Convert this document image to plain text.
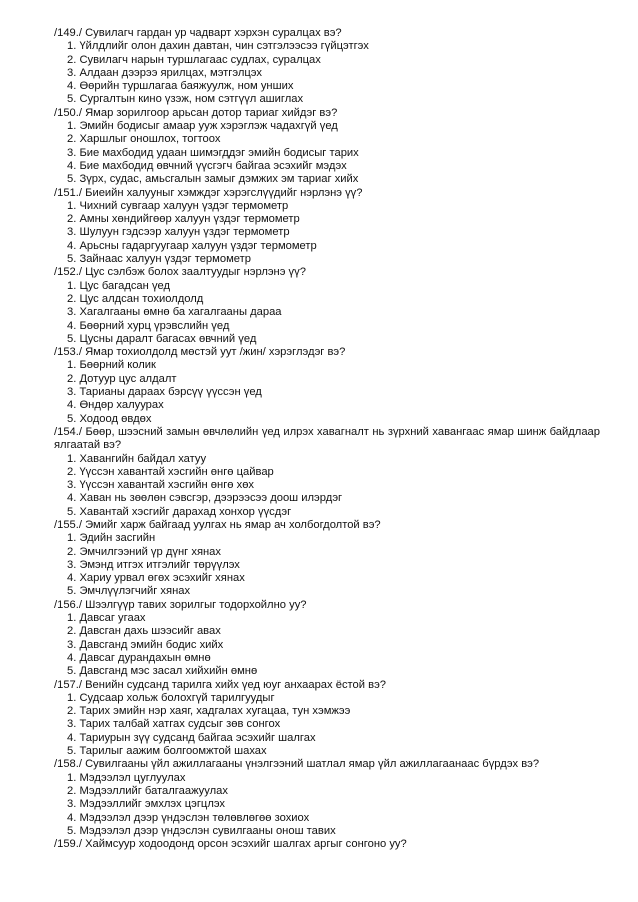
/149./ Сувилагч гардан ур чадварт хэрхэн суралцах вэ?
1. Үйлдлийг олон дахин давтан, чин сэтгэлээсээ гүйцэтгэх
2. Сувилагч нарын туршлагаас судлах, суралцах
3. Алдаан дээрээ ярилцах, мэтгэлцэх
4. Өөрийн туршлагаа баяжуулж, ном унших
5. Сургалтын кино үзэж, ном сэтгүүл ашиглах
/150./ Ямар зорилгоор арьсан дотор тариаг хийдэг вэ?
1. Эмийн бодисыг амаар ууж хэрэглэж чадахгүй үед
2. Харшлыг оношлох, тогтоох
3. Бие махбодид удаан шимэгддэг эмийн бодисыг тарих
4. Бие махбодид өвчний үүсгэгч байгаа эсэхийг мэдэх
5. Зүрх, судас, амьсгалын замыг дэмжих эм тариаг хийх
/151./ Биеийн халууныг хэмждэг хэрэгслүүдийг нэрлэнэ үү?
1. Чихний сувгаар халуун үздэг термометр
2. Амны хөндийгөөр халуун үздэг термометр
3. Шулуун гэдсээр халуун үздэг термометр
4. Арьсны гадаргуугаар халуун үздэг термометр
5. Зайнаас халуун үздэг термометр
/152./ Цус сэлбэж болох заалтуудыг нэрлэнэ үү?
1. Цус багадсан үед
2. Цус алдсан тохиолдолд
3. Хагалгааны өмнө ба хагалгааны дараа
4. Бөөрний хурц үрэвслийн үед
5. Цусны даралт багасах өвчний үед
/153./ Ямар тохиолдолд мөстэй уут /жин/ хэрэглэдэг вэ?
1. Бөөрний колик
2. Дотуур цус алдалт
3. Тарианы дараах бэрсүү үүссэн үед
4. Өндөр халуурах
5. Ходоод өвдөх
/154./ Бөөр, шээсний замын өвчлөлийн үед илрэх хавагналт нь зүрхний хавангаас ямар шинж байдлаар ялгаатай вэ?
1. Хавангийн байдал хатуу
2. Үүссэн хавантай хэсгийн өнгө цайвар
3. Үүссэн хавантай хэсгийн өнгө хөх
4. Хаван нь зөөлөн сэвсгэр, дээрээсээ доош илэрдэг
5. Хавантай хэсгийг дарахад хонхор үүсдэг
/155./ Эмийг харж байгаад уулгах нь ямар ач холбогдолтой вэ?
1. Эдийн засгийн
2. Эмчилгээний үр дүнг хянах
3. Эмэнд итгэх итгэлийг төрүүлэх
4. Хариу урвал өгөх эсэхийг хянах
5. Эмчлүүлэгчийг хянах
/156./ Шээлгүүр тавих зорилгыг тодорхойлно уу?
1. Давсаг угаах
2. Давсган дахь шээсийг авах
3. Давсганд эмийн бодис хийх
4. Давсаг дурандахын өмнө
5. Давсганд мэс засал хийхийн өмнө
/157./ Венийн судсанд тарилга хийх үед юуг анхаарах ёстой вэ?
1. Судсаар хольж болохгүй тарилгуудыг
2. Тарих эмийн нэр хаяг, хадгалах хугацаа, тун хэмжээ
3. Тарих талбай хатгах судсыг зөв сонгох
4. Тариурын зүү судсанд байгаа эсэхийг шалгах
5. Тарилыг аажим болгоомжтой шахах
/158./ Сувилгааны үйл ажиллагааны үнэлгээний шатлал ямар үйл ажиллагаанаас бүрдэх вэ?
1. Мэдээлэл цуглуулах
2. Мэдээллийг баталгаажуулах
3. Мэдээллийг эмхлэх цэгцлэх
4. Мэдээлэл дээр үндэслэн төлөвлөгөө зохиох
5. Мэдээлэл дээр үндэслэн сувилгааны онош тавих
/159./ Хаймсуур ходоодонд орсон эсэхийг шалгах аргыг сонгоно уу?
